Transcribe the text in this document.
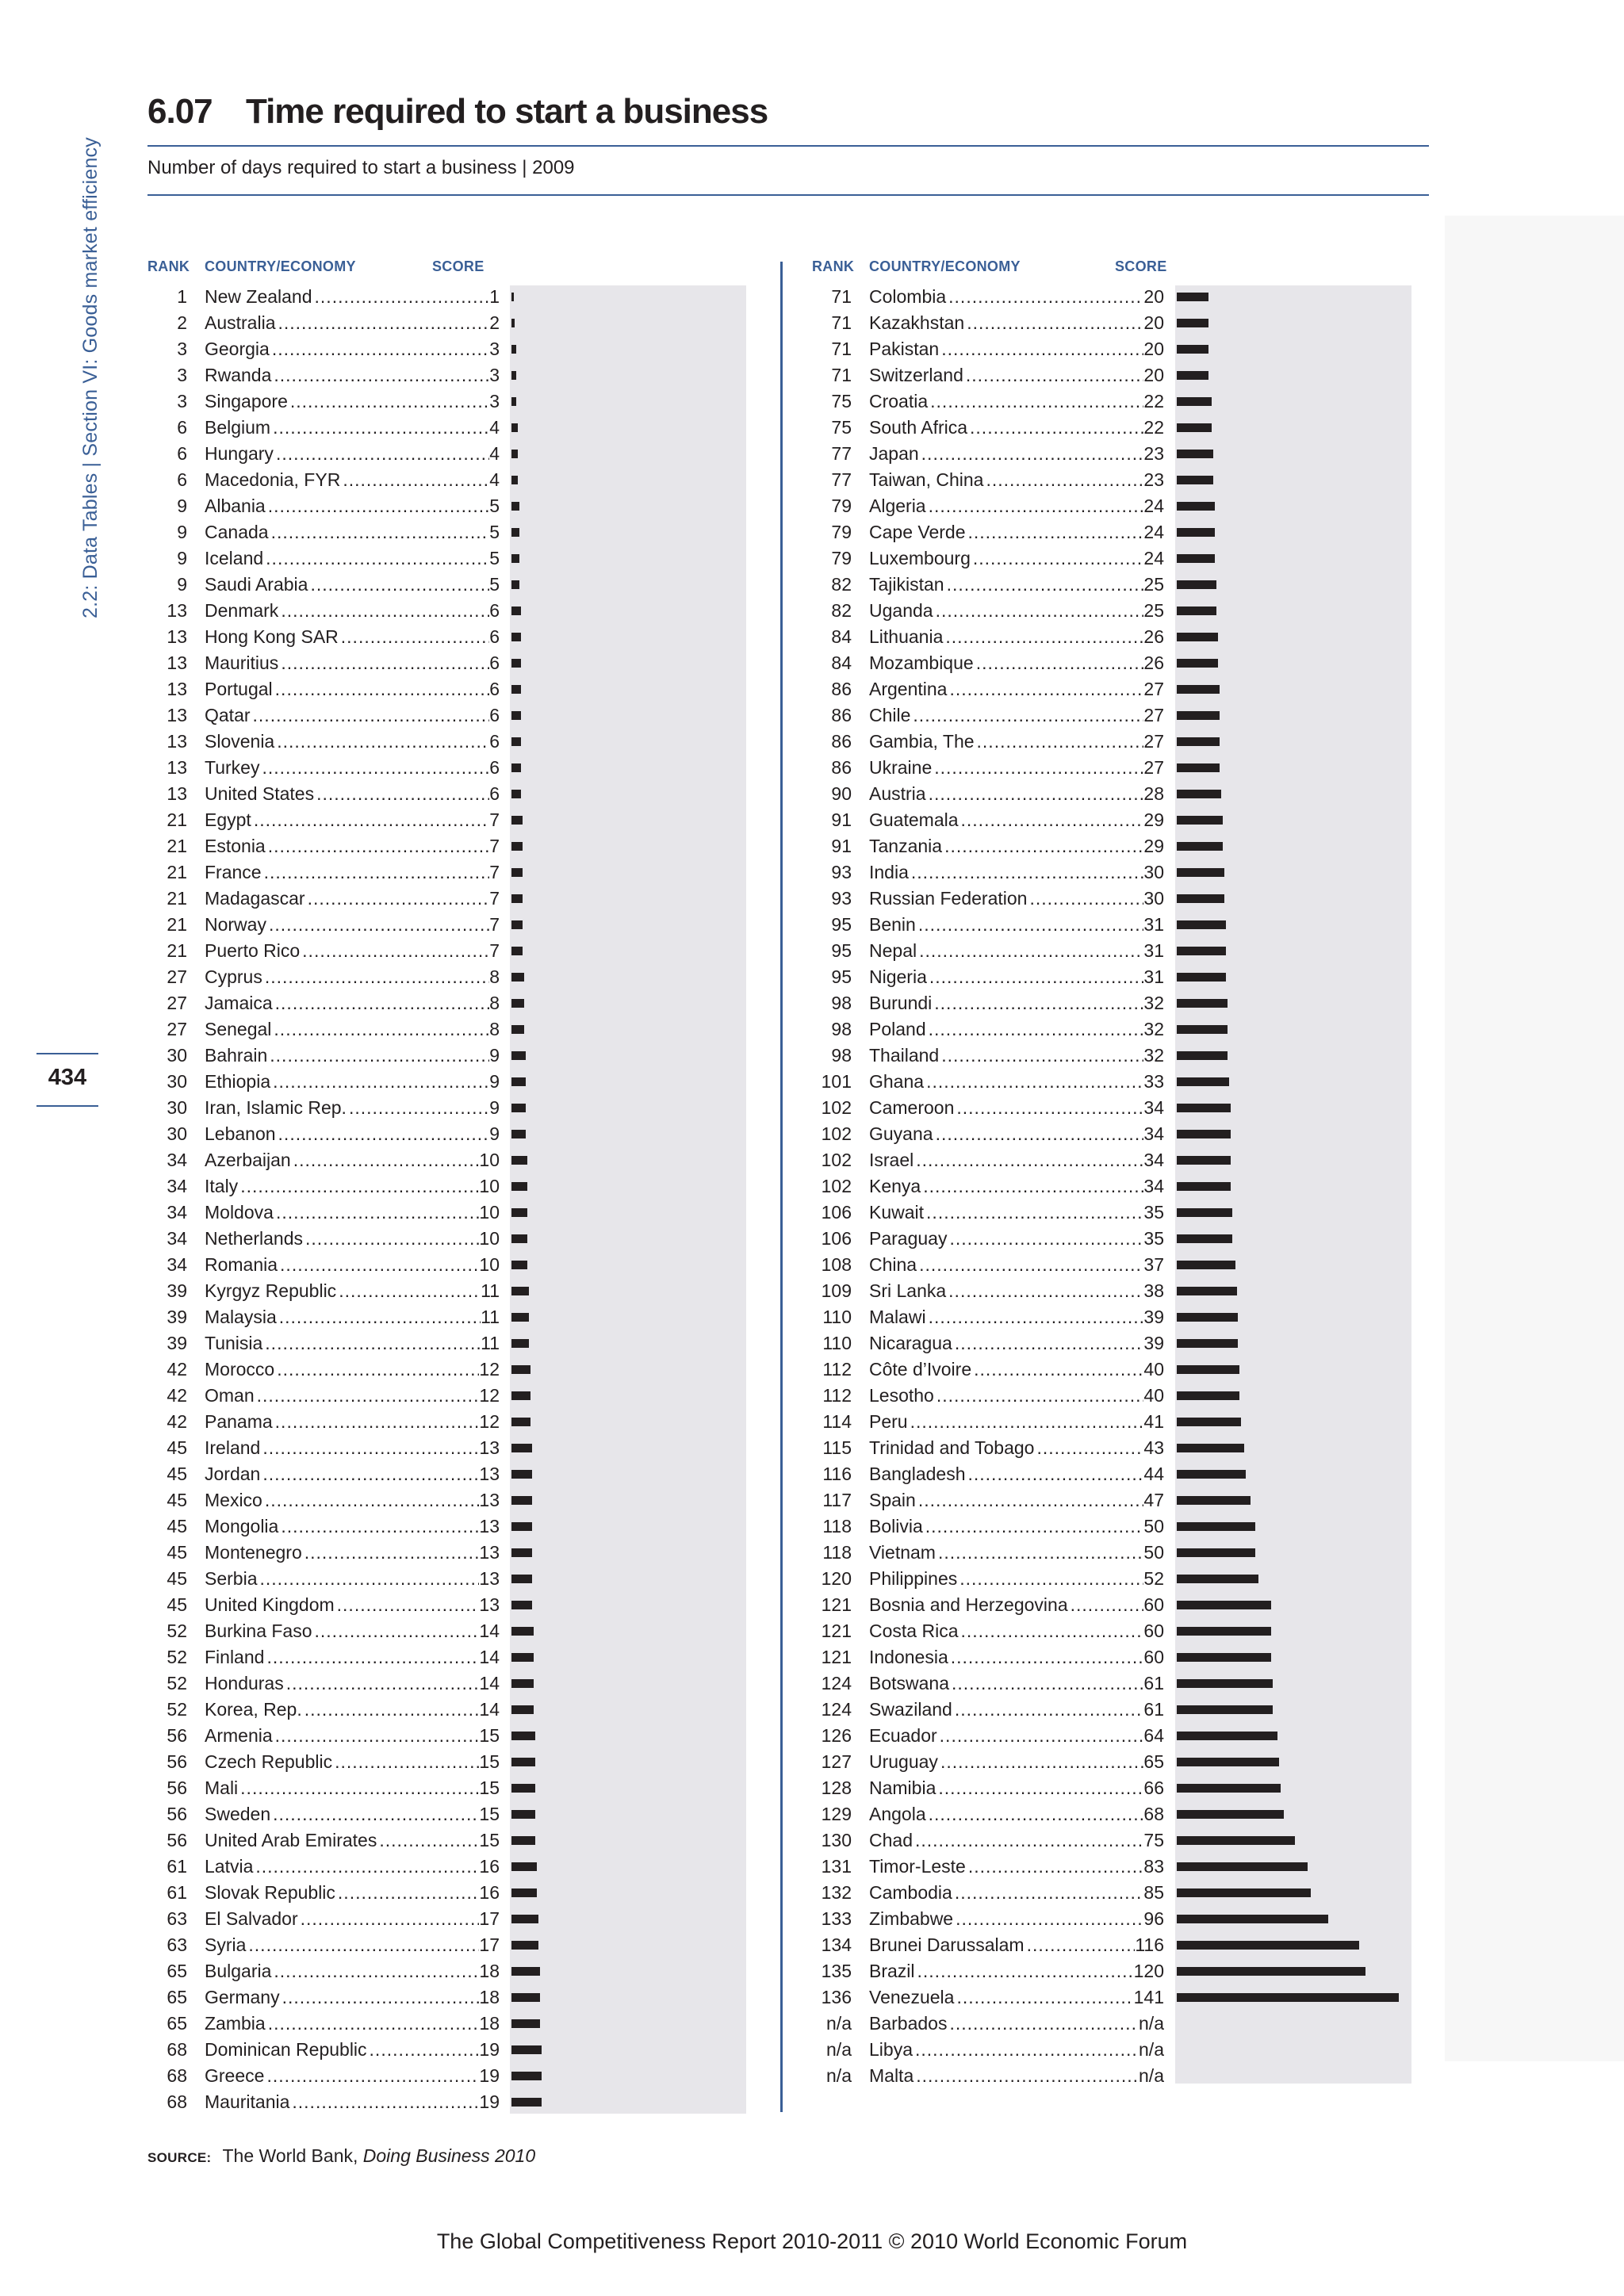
2.2: Data Tables | Section VI: Goods market efficiency
434
6.07 Time required to start a business
Number of days required to start a business | 2009
RANK COUNTRY/ECONOMY	SCORE
1 New Zealand .....	1
2 Australia .....	2
3 Georgia .....	3
3 Rwanda .....	3
3 Singapore .....	3
6 Belgium .....	4
6 Hungary .....	4
6 Macedonia, FYR .....	4
9 Albania .....	5
9 Canada .....	5
9 Iceland .....	5
9 Saudi Arabia .....	5
13 Denmark .....	6
13 Hong Kong SAR .....	6
13 Mauritius .....	6
13 Portugal .....	6
13 Qatar .....	6
13 Slovenia .....	6
13 Turkey .....	6
13 United States .....	6
21 Egypt .....	7
21 Estonia .....	7
21 France .....	7
21 Madagascar .....	7
21 Norway .....	7
21 Puerto Rico .....	7
27 Cyprus .....	8
27 Jamaica .....	8
27 Senegal .....	8
30 Bahrain .....	9
30 Ethiopia .....	9
30 Iran, Islamic Rep. .....	9
30 Lebanon .....	9
34 Azerbaijan .....	10
34 Italy .....	10
34 Moldova .....	10
34 Netherlands .....	10
34 Romania .....	10
39 Kyrgyz Republic .....	11
39 Malaysia .....	11
39 Tunisia .....	11
42 Morocco .....	12
42 Oman .....	12
42 Panama .....	12
45 Ireland .....	13
45 Jordan .....	13
45 Mexico .....	13
45 Mongolia .....	13
45 Montenegro .....	13
45 Serbia .....	13
45 United Kingdom .....	13
52 Burkina Faso .....	14
52 Finland .....	14
52 Honduras .....	14
52 Korea, Rep. .....	14
56 Armenia .....	15
56 Czech Republic .....	15
56 Mali .....	15
56 Sweden .....	15
56 United Arab Emirates .....	15
61 Latvia .....	16
61 Slovak Republic .....	16
63 El Salvador .....	17
63 Syria .....	17
65 Bulgaria .....	18
65 Germany .....	18
65 Zambia .....	18
68 Dominican Republic .....	19
68 Greece .....	19
68 Mauritania .....	19
RANK COUNTRY/ECONOMY	SCORE
71 Colombia .....	20
71 Kazakhstan .....	20
71 Pakistan .....	20
71 Switzerland .....	20
75 Croatia .....	22
75 South Africa .....	22
77 Japan .....	23
77 Taiwan, China .....	23
79 Algeria .....	24
79 Cape Verde .....	24
79 Luxembourg .....	24
82 Tajikistan .....	25
82 Uganda .....	25
84 Lithuania .....	26
84 Mozambique .....	26
86 Argentina .....	27
86 Chile .....	27
86 Gambia, The .....	27
86 Ukraine .....	27
90 Austria .....	28
91 Guatemala .....	29
91 Tanzania .....	29
93 India .....	30
93 Russian Federation .....	30
95 Benin .....	31
95 Nepal .....	31
95 Nigeria .....	31
98 Burundi .....	32
98 Poland .....	32
98 Thailand .....	32
101 Ghana .....	33
102 Cameroon .....	34
102 Guyana .....	34
102 Israel .....	34
102 Kenya .....	34
106 Kuwait .....	35
106 Paraguay .....	35
108 China .....	37
109 Sri Lanka .....	38
110 Malawi .....	39
110 Nicaragua .....	39
112 Côte d’Ivoire .....	40
112 Lesotho .....	40
114 Peru .....	41
115 Trinidad and Tobago .....	43
116 Bangladesh .....	44
117 Spain .....	47
118 Bolivia .....	50
118 Vietnam .....	50
120 Philippines .....	52
121 Bosnia and Herzegovina .....	60
121 Costa Rica .....	60
121 Indonesia .....	60
124 Botswana .....	61
124 Swaziland .....	61
126 Ecuador .....	64
127 Uruguay .....	65
128 Namibia .....	66
129 Angola .....	68
130 Chad .....	75
131 Timor-Leste .....	83
132 Cambodia .....	85
133 Zimbabwe .....	96
134 Brunei Darussalam .....	116
135 Brazil .....	120
136 Venezuela .....	141
n/a Barbados .....	n/a
n/a Libya .....	n/a
n/a Malta .....	n/a
SOURCE: The World Bank, Doing Business 2010
The Global Competitiveness Report 2010-2011 © 2010 World Economic Forum
